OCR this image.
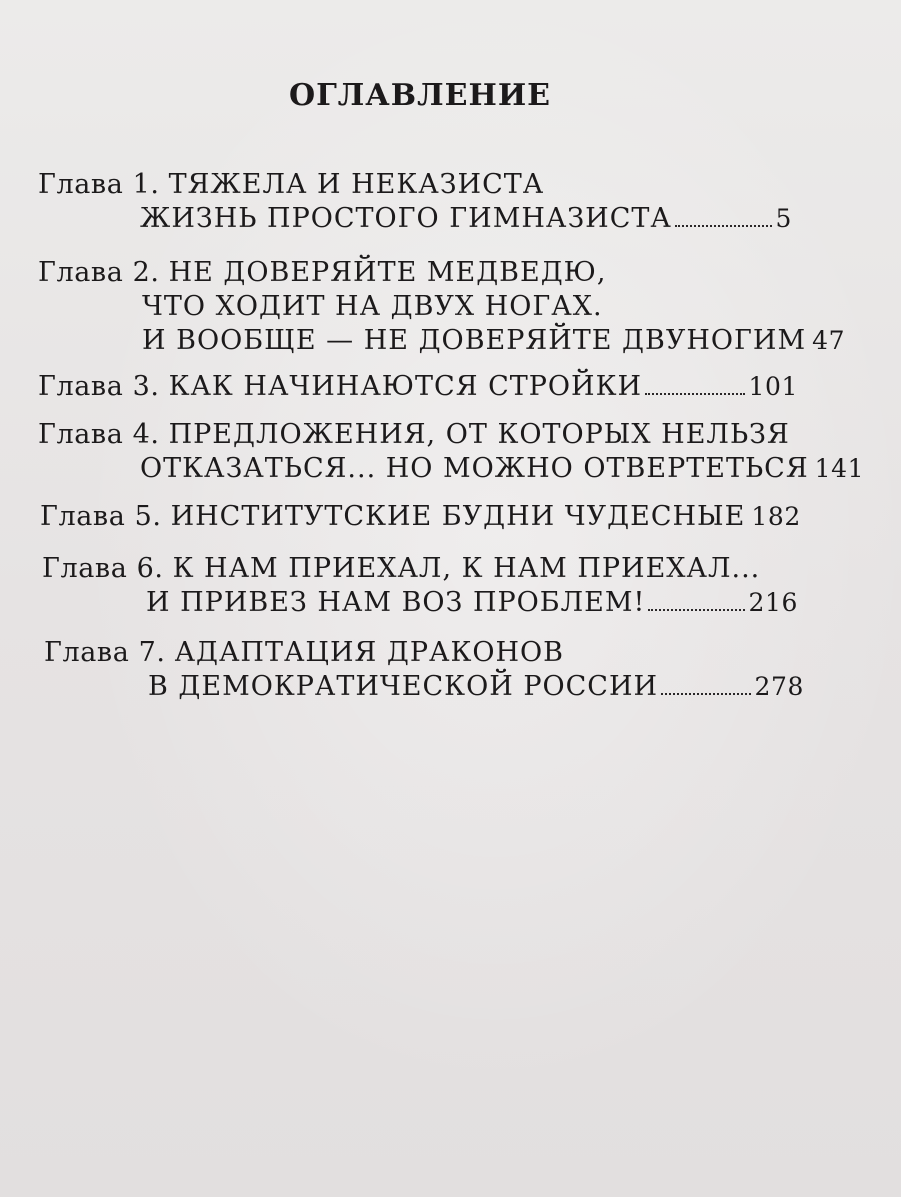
ОГЛАВЛЕНИЕ
Глава 1. ТЯЖЕЛА И НЕКАЗИСТА
ЖИЗНЬ ПРОСТОГО ГИМНАЗИСТА	5
Глава 2. НЕ ДОВЕРЯЙТЕ МЕДВЕДЮ,
ЧТО ХОДИТ НА ДВУХ НОГАХ.
И ВООБЩЕ — НЕ ДОВЕРЯЙТЕ ДВУНОГИМ 47
Глава 3. КАК НАЧИНАЮТСЯ СТРОЙКИ	101
Глава 4. ПРЕДЛОЖЕНИЯ, ОТ КОТОРЫХ НЕЛЬЗЯ
ОТКАЗАТЬСЯ... НО МОЖНО ОТВЕРТЕТЬСЯ 141
Глава 5. ИНСТИТУТСКИЕ БУДНИ ЧУДЕСНЫЕ 182
Глава 6. К НАМ ПРИЕХАЛ, К НАМ ПРИЕХАЛ...
И ПРИВЕЗ НАМ ВОЗ ПРОБЛЕМ!	216
Глава 7. АДАПТАЦИЯ ДРАКОНОВ
В ДЕМОКРАТИЧЕСКОЙ РОССИИ	278
